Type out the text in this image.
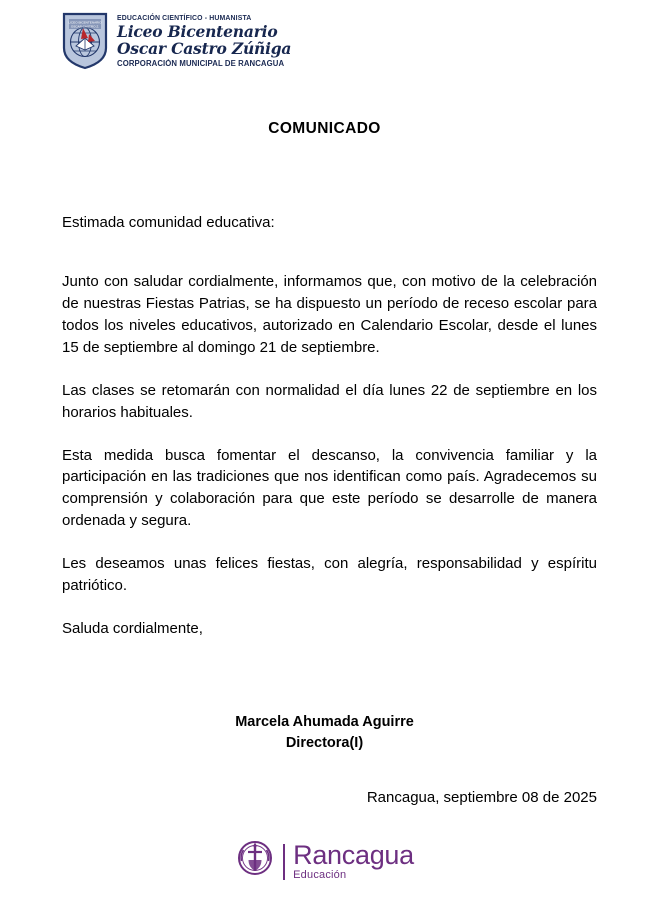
LICEO BICENTENARIO
OSCAR CASTRO Z.
EDUCACIÓN CIENTÍFICO - HUMANISTA
Liceo Bicentenario
Oscar Castro Zúñiga
CORPORACIÓN MUNICIPAL DE RANCAGUA
COMUNICADO

Estimada comunidad educativa:

Junto con saludar cordialmente, informamos que, con motivo de la celebración de nuestras Fiestas Patrias, se ha dispuesto un período de receso escolar para todos los niveles educativos, autorizado en Calendario Escolar, desde el lunes 15 de septiembre al domingo 21 de septiembre.

Las clases se retomarán con normalidad el día lunes 22 de septiembre en los horarios habituales.

Esta medida busca fomentar el descanso, la convivencia familiar y la participación en las tradiciones que nos identifican como país. Agradecemos su comprensión y colaboración para que este período se desarrolle de manera ordenada y segura.

Les deseamos unas felices fiestas, con alegría, responsabilidad y espíritu patriótico.

Saluda cordialmente,

Marcela Ahumada Aguirre
Directora(I)
Rancagua, septiembre 08 de 2025
Rancagua
Educación
